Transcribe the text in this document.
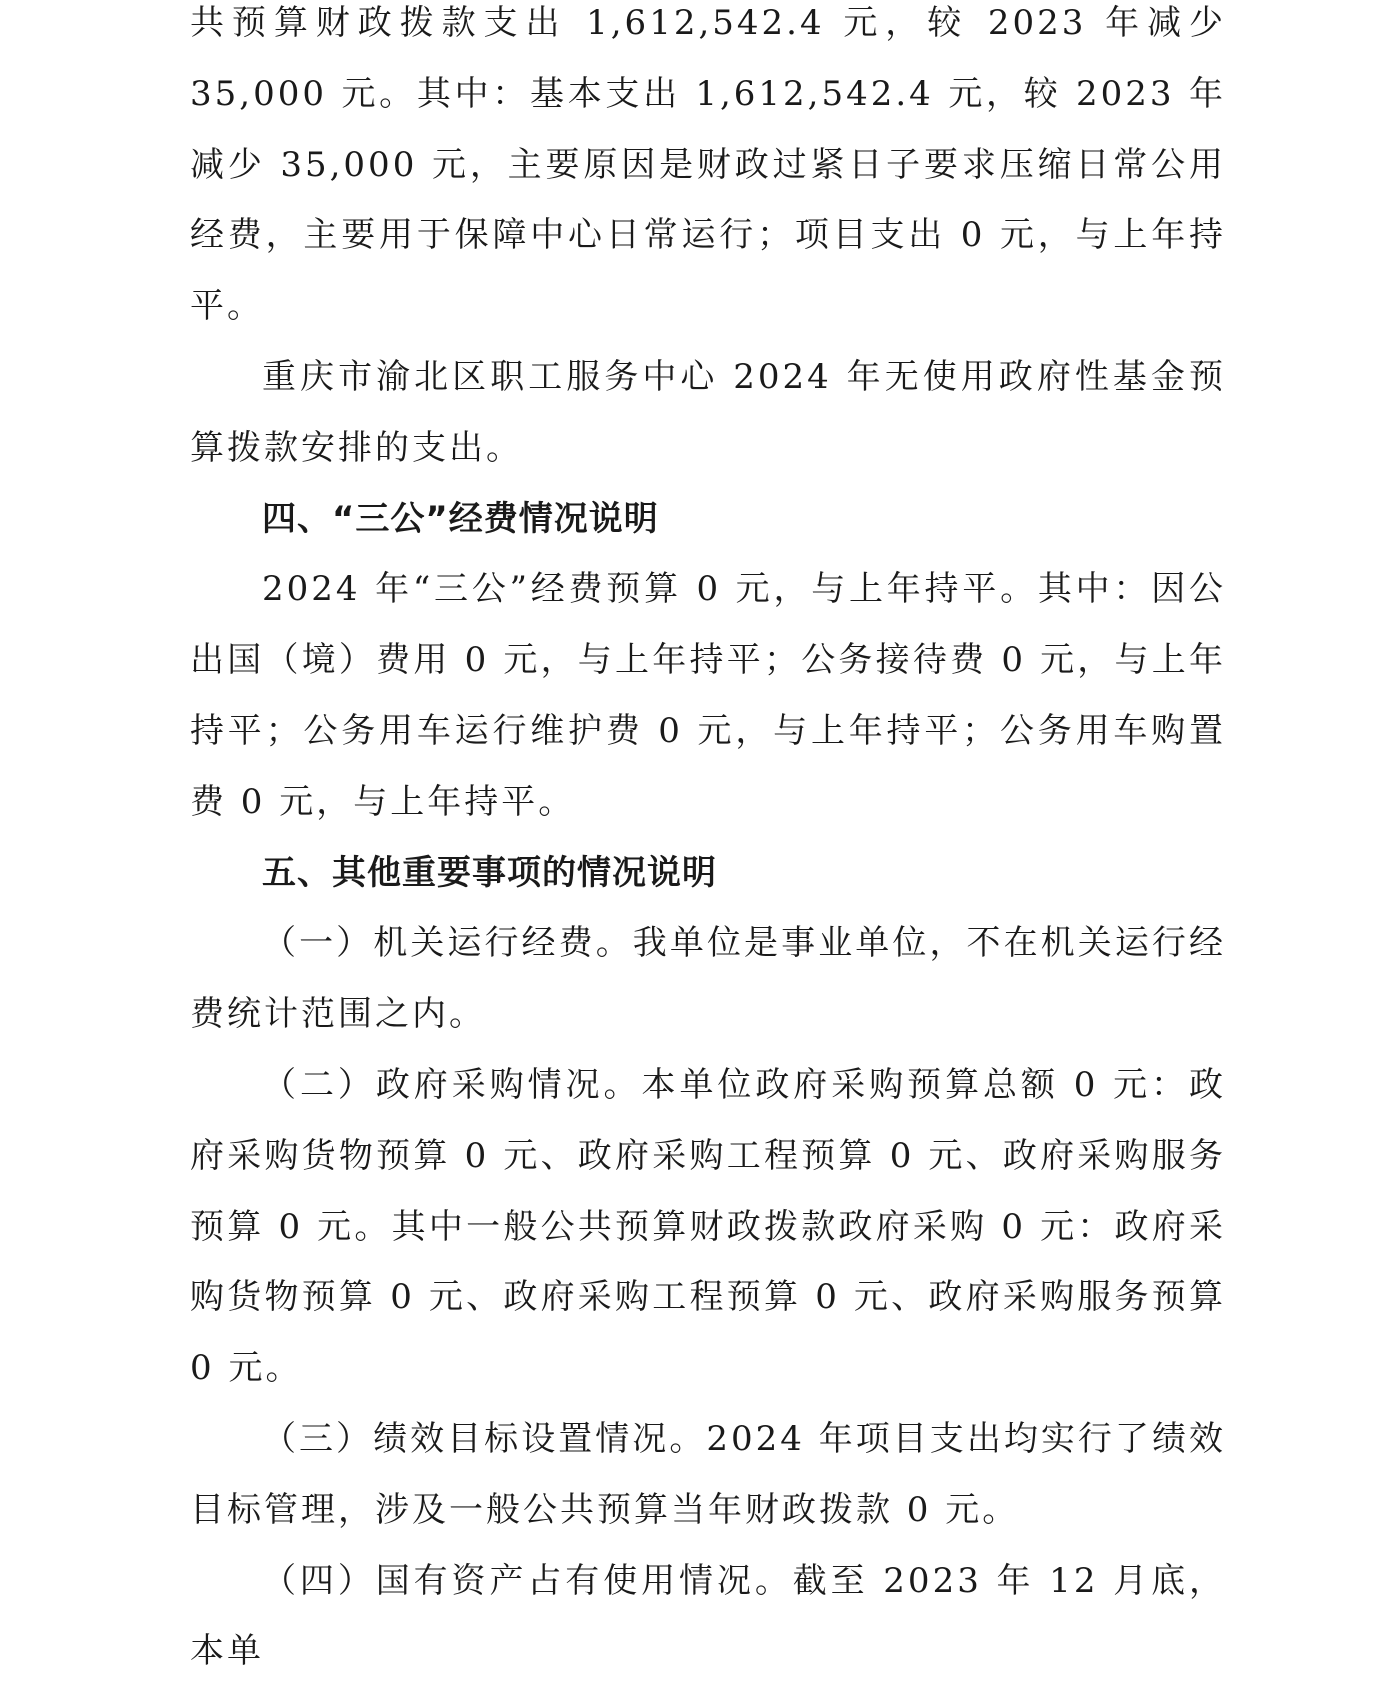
共预算财政拨款支出 1,612,542.4 元，较 2023 年减少 35,000 元。其中：基本支出 1,612,542.4 元，较 2023 年减少 35,000 元，主要原因是财政过紧日子要求压缩日常公用经费，主要用于保障中心日常运行；项目支出 0 元，与上年持平。

重庆市渝北区职工服务中心 2024 年无使用政府性基金预算拨款安排的支出。

四、“三公”经费情况说明

2024 年“三公”经费预算 0 元，与上年持平。其中：因公出国（境）费用 0 元，与上年持平；公务接待费 0 元，与上年持平；公务用车运行维护费 0 元，与上年持平；公务用车购置费 0 元，与上年持平。

五、其他重要事项的情况说明

（一）机关运行经费。我单位是事业单位，不在机关运行经费统计范围之内。

（二）政府采购情况。本单位政府采购预算总额 0 元：政府采购货物预算 0 元、政府采购工程预算 0 元、政府采购服务预算 0 元。其中一般公共预算财政拨款政府采购 0 元：政府采购货物预算 0 元、政府采购工程预算 0 元、政府采购服务预算 0 元。

（三）绩效目标设置情况。2024 年项目支出均实行了绩效目标管理，涉及一般公共预算当年财政拨款 0 元。

（四）国有资产占有使用情况。截至 2023 年 12 月底，本单
